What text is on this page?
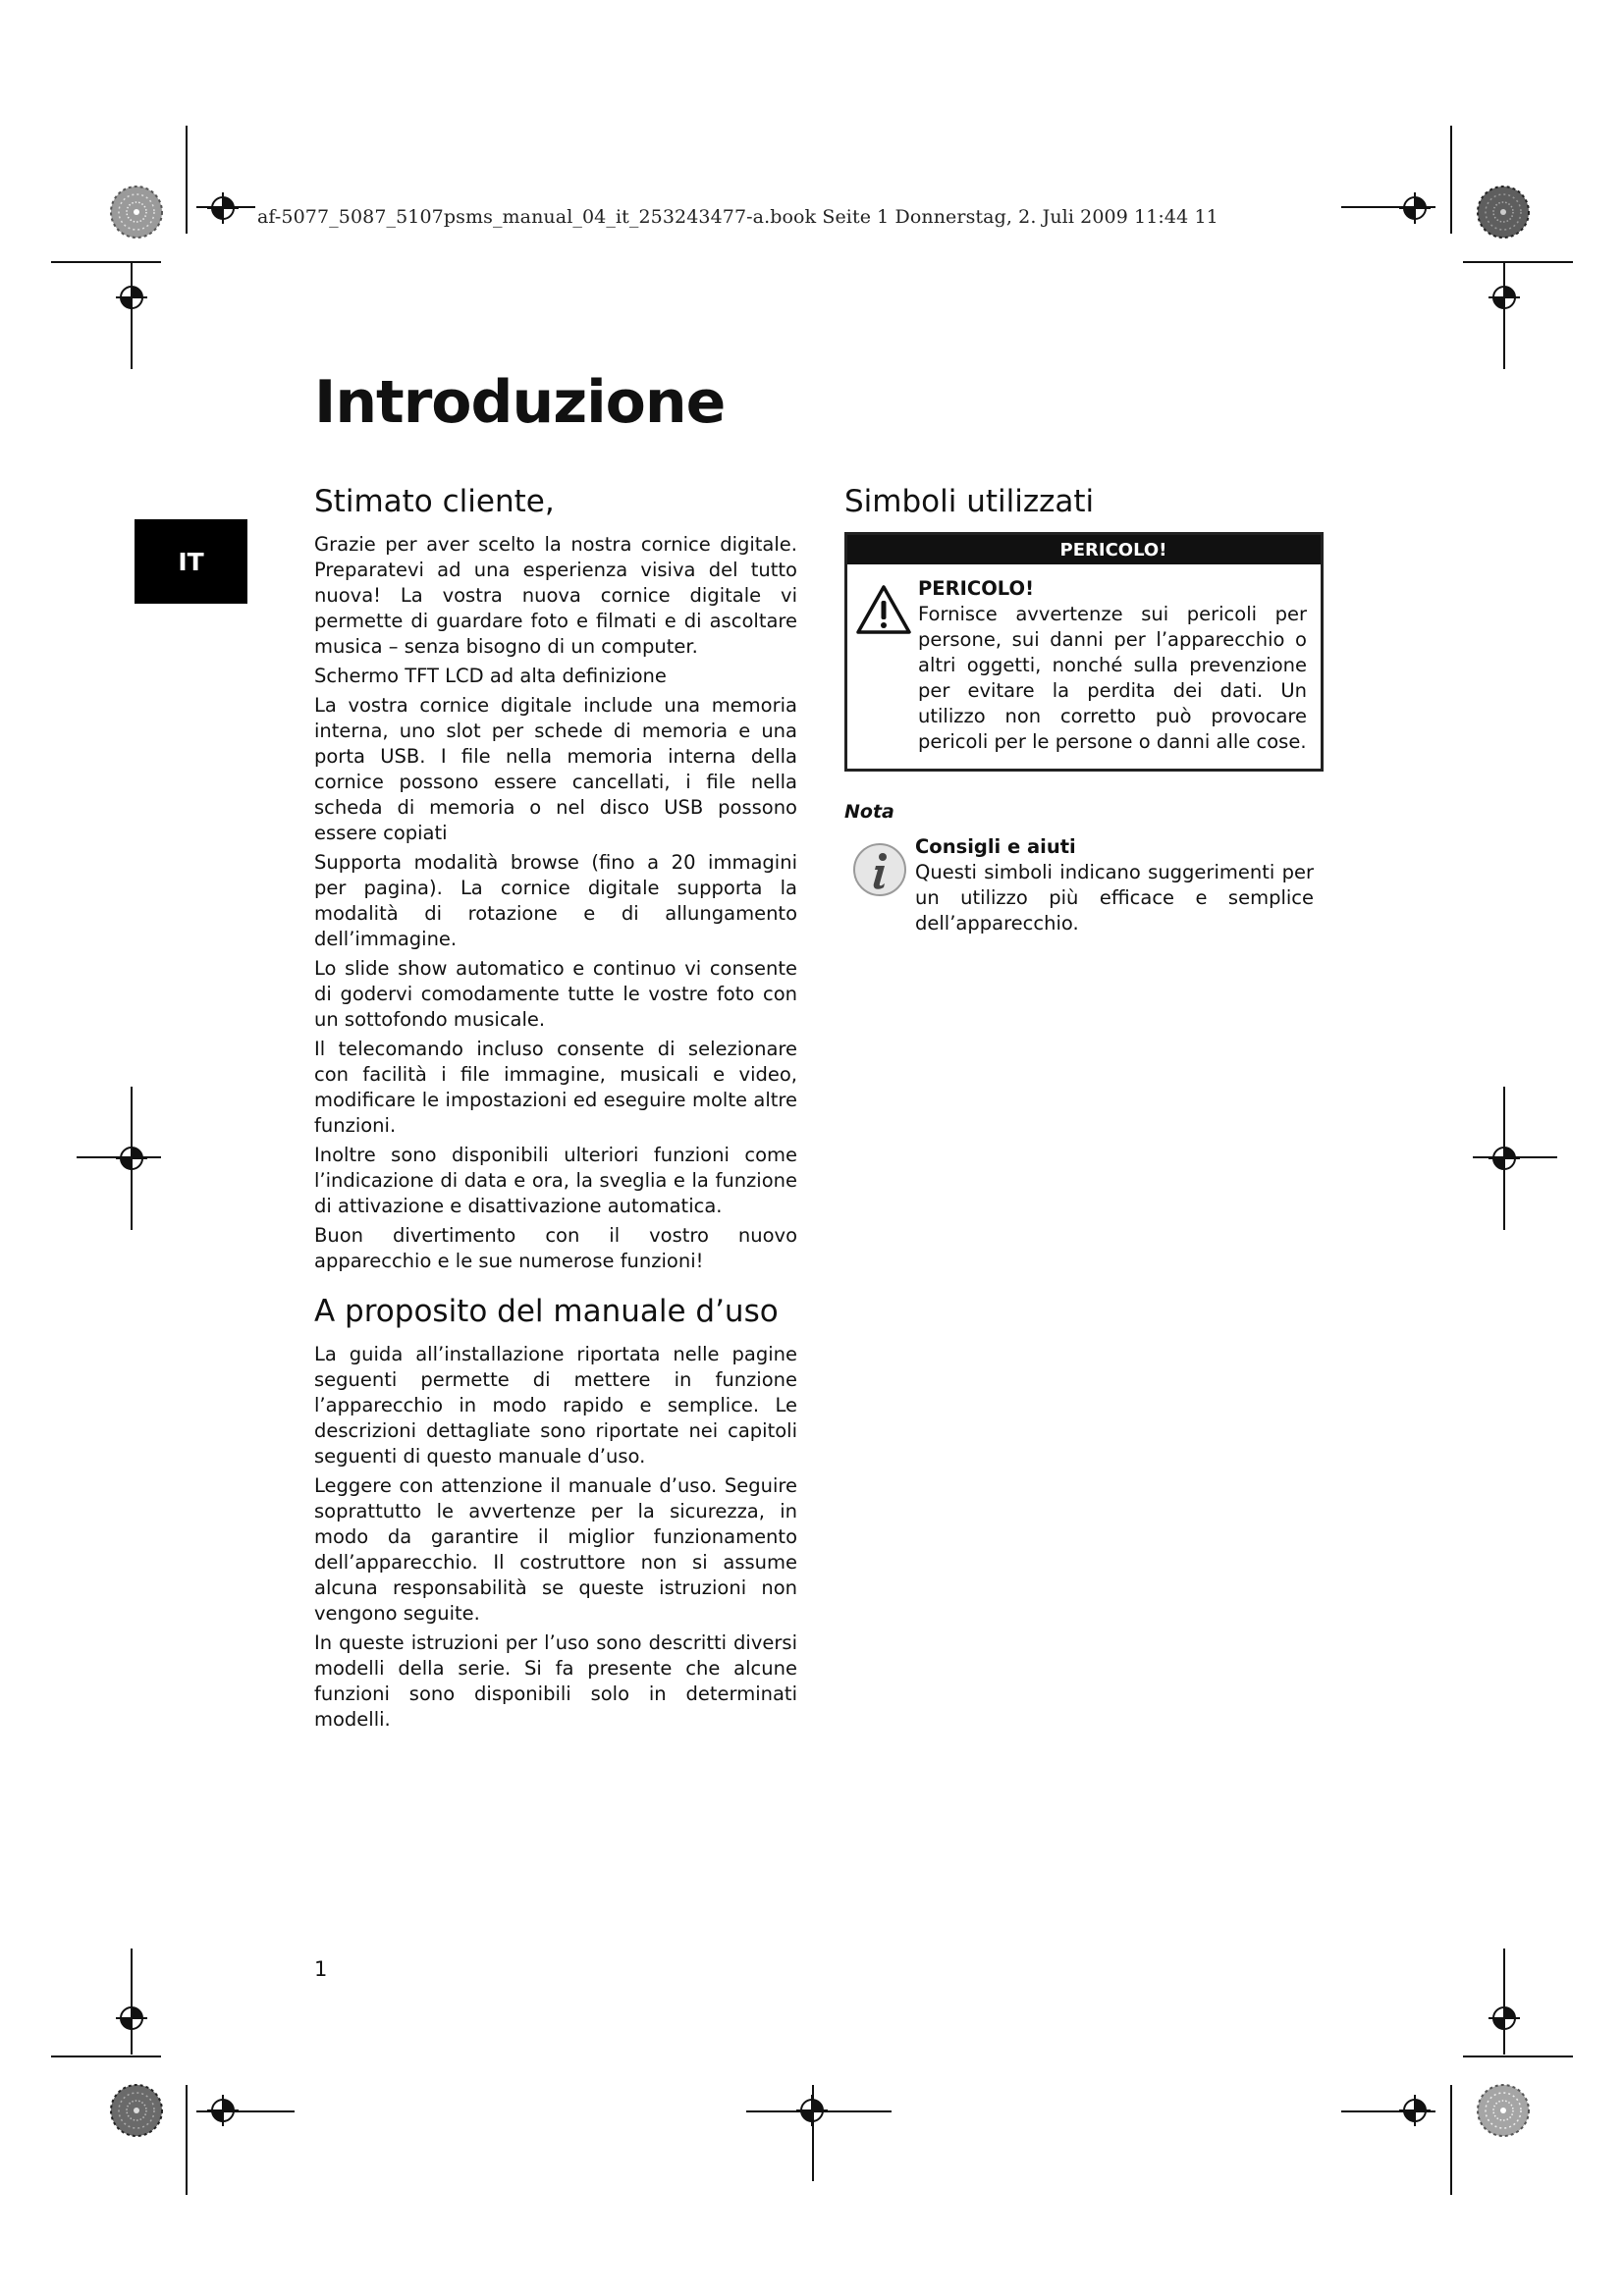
af-5077_5087_5107psms_manual_04_it_253243477-a.book Seite 1 Donnerstag, 2. Juli 2009 11:44 11
IT
Introduzione
Stimato cliente,

Grazie per aver scelto la nostra cornice digitale. Preparatevi ad una esperienza visiva del tutto nuova! La vostra nuova cornice digitale vi permette di guardare foto e filmati e di ascoltare musica – senza bisogno di un computer.

Schermo TFT LCD ad alta definizione

La vostra cornice digitale include una memoria interna, uno slot per schede di memoria e una porta USB. I file nella memoria interna della cornice possono essere cancellati, i file nella scheda di memoria o nel disco USB possono essere copiati

Supporta modalità browse (fino a 20 immagini per pagina). La cornice digitale supporta la modalità di rotazione e di allungamento dell’immagine.

Lo slide show automatico e continuo vi consente di godervi comodamente tutte le vostre foto con un sottofondo musicale.

Il telecomando incluso consente di selezionare con facilità i file immagine, musicali e video, modificare le impostazioni ed eseguire molte altre funzioni.

Inoltre sono disponibili ulteriori funzioni come l’indicazione di data e ora, la sveglia e la funzione di attivazione e disattivazione automatica.

Buon divertimento con il vostro nuovo apparecchio e le sue numerose funzioni!

A proposito del manuale d’uso

La guida all’installazione riportata nelle pagine seguenti permette di mettere in funzione l’apparecchio in modo rapido e semplice. Le descrizioni dettagliate sono riportate nei capitoli seguenti di questo manuale d’uso.

Leggere con attenzione il manuale d’uso. Seguire soprattutto le avvertenze per la sicurezza, in modo da garantire il miglior funzionamento dell’apparecchio. Il costruttore non si assume alcuna responsabilità se queste istruzioni non vengono seguite.

In queste istruzioni per l’uso sono descritti diversi modelli della serie. Si fa presente che alcune funzioni sono disponibili solo in determinati modelli.

Simboli utilizzati
PERICOLO!
PERICOLO!

Fornisce avvertenze sui pericoli per persone, sui danni per l’apparecchio o altri oggetti, nonché sulla prevenzione per evitare la perdita dei dati. Un utilizzo non corretto può provocare pericoli per le persone o danni alle cose.

Nota
Consigli e aiuti

Questi simboli indicano suggerimenti per un utilizzo più efficace e semplice dell’apparecchio.

1
